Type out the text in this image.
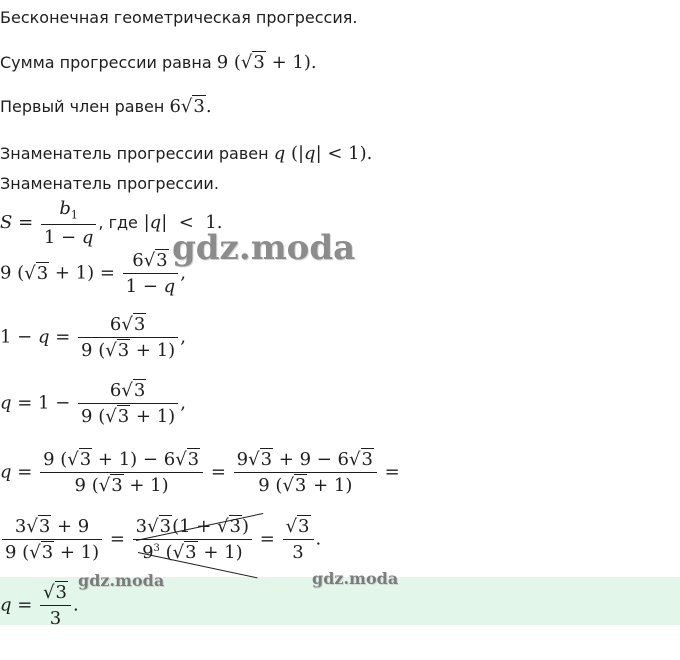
Бесконечная геометрическая прогрессия.
Сумма прогрессии равна 9 (√3 + 1).
Первый член равен 6√3.
Знаменатель прогрессии равен q (|q| < 1).
Знаменатель прогрессии.
$S = \frac{b_1}{1 - q}$ , где |q|  <  1.
9 $(√3 + 1) = \frac{6√3}{1 - q}$ ,
$1 - q = \frac{6√3}{9 (√3 + 1)}$ ,
$q = 1 - \frac{6√3}{9 (√3 + 1)}$ ,
$q = \frac{9 (√3 + 1) - 6√3}{9 (√3 + 1)} = \frac{9√3 + 9 - 6√3}{9 (√3 + 1)}$ =
$\frac{3√3 + 9}{9 (√3 + 1)} = \frac{3√3(1 + √3)}{9^3 (√3 + 1)} = \frac{√3}{3}$ .
$q = \frac{√3}{3}$ .
gdz.moda
gdz.moda	gdz.moda
